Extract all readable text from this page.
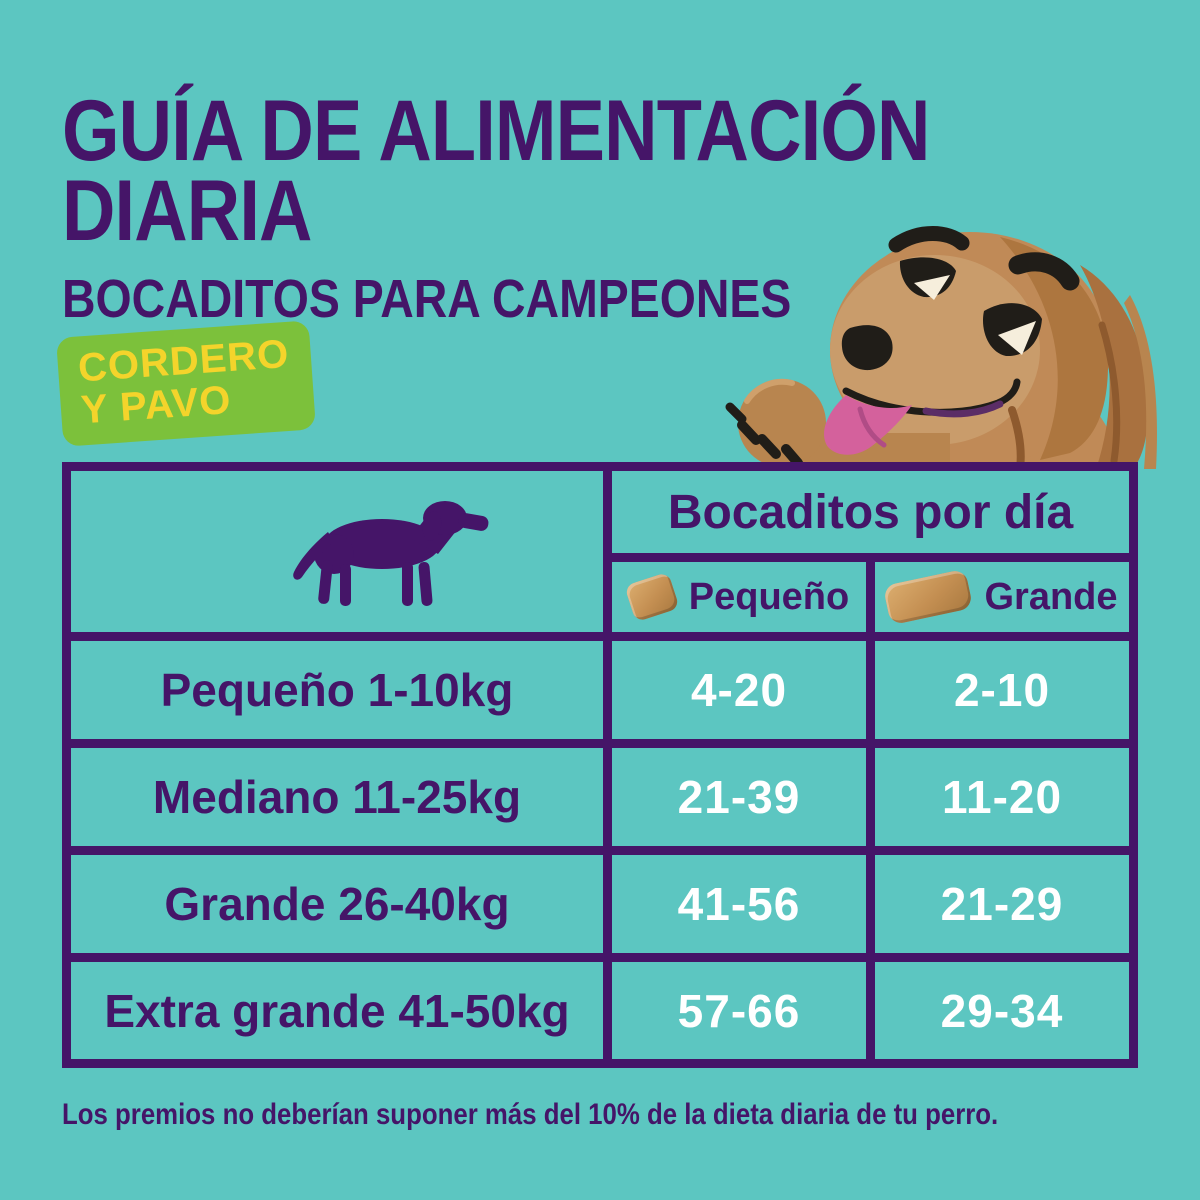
GUÍA DE ALIMENTACIÓN
DIARIA
BOCADITOS PARA CAMPEONES
CORDERO
Y PAVO
Bocaditos por día
Pequeño	Grande
Pequeño 1-10kg	4-20	2-10
Mediano 11-25kg	21-39	11-20
Grande 26-40kg	41-56	21-29
Extra grande 41-50kg	57-66	29-34
Los premios no deberían suponer más del 10% de la dieta diaria de tu perro.
